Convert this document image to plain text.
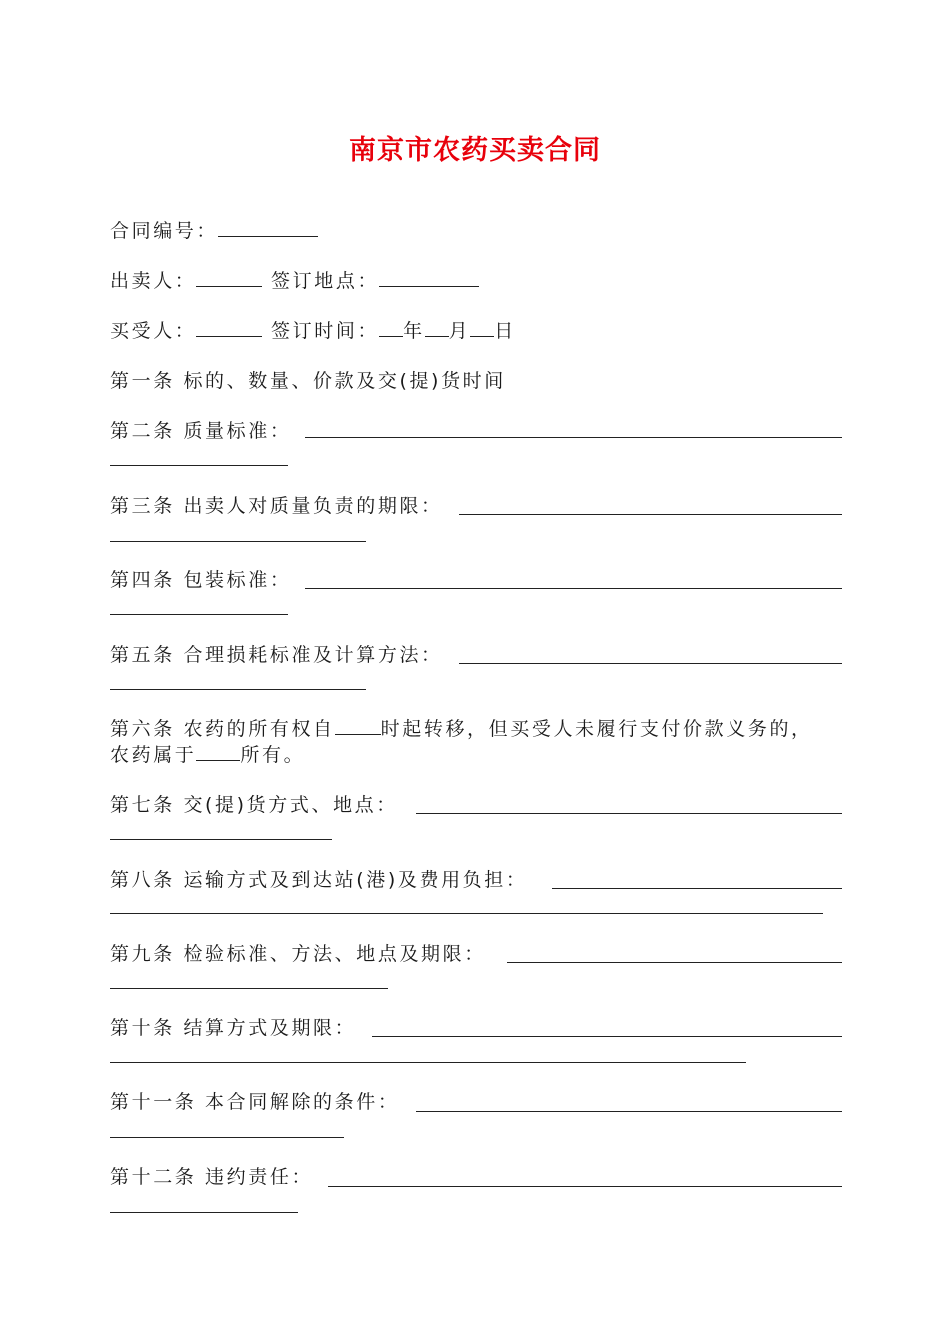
南京市农药买卖合同
合同编号：
出卖人：	签订地点：
买受人：	签订时间： 年 月 日
第一条 标的、数量、价款及交(提)货时间
第二条 质量标准：
第三条 出卖人对质量负责的期限：
第四条 包装标准：
第五条 合理损耗标准及计算方法：
第六条 农药的所有权自 时起转移，但买受人未履行支付价款义务的，
农药属于 所有。
第七条 交(提)货方式、地点：
第八条 运输方式及到达站(港)及费用负担：
第九条 检验标准、方法、地点及期限：
第十条 结算方式及期限：
第十一条 本合同解除的条件：
第十二条 违约责任：
